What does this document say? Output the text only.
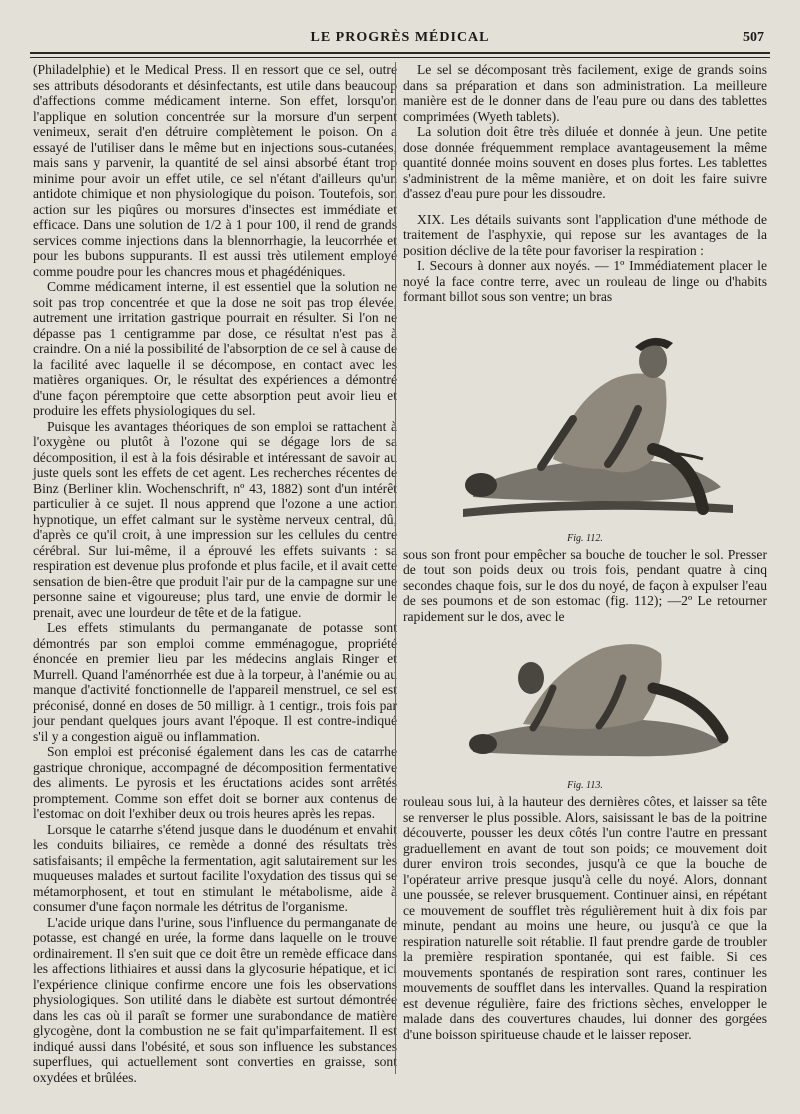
LE PROGRÈS MÉDICAL	507

(Philadelphie) et le Medical Press. Il en ressort que ce sel, outre ses attributs désodorants et désinfectants, est utile dans beaucoup d'affections comme médicament interne. Son effet, lorsqu'on l'applique en solution concentrée sur la morsure d'un serpent venimeux, serait d'en détruire complètement le poison. On a essayé de l'utiliser dans le même but en injections sous-cutanées, mais sans y parvenir, la quantité de sel ainsi absorbé étant trop minime pour avoir un effet utile, ce sel n'étant d'ailleurs qu'un antidote chimique et non physiologique du poison. Toutefois, son action sur les piqûres ou morsures d'insectes est immédiate et efficace. Dans une solution de 1/2 à 1 pour 100, il rend de grands services comme injections dans la blennorrhagie, la leucorrhée et pour les bubons suppurants. Il est aussi très utilement employé comme poudre pour les chancres mous et phagédéniques.

Comme médicament interne, il est essentiel que la solution ne soit pas trop concentrée et que la dose ne soit pas trop élevée, autrement une irritation gastrique pourrait en résulter. Si l'on ne dépasse pas 1 centigramme par dose, ce résultat n'est pas à craindre. On a nié la possibilité de l'absorption de ce sel à cause de la facilité avec laquelle il se décompose, en contact avec les matières organiques. Or, le résultat des expériences a démontré d'une façon péremptoire que cette absorption peut avoir lieu et produire les effets physiologiques du sel.

Puisque les avantages théoriques de son emploi se rattachent à l'oxygène ou plutôt à l'ozone qui se dégage lors de sa décomposition, il est à la fois désirable et intéressant de savoir au juste quels sont les effets de cet agent. Les recherches récentes de Binz (Berliner klin. Wochenschrift, nº 43, 1882) sont d'un intérêt particulier à ce sujet. Il nous apprend que l'ozone a une action hypnotique, un effet calmant sur le système nerveux central, dû, d'après ce qu'il croit, à une impression sur les cellules du centre cérébral. Sur lui-même, il a éprouvé les effets suivants : sa respiration est devenue plus profonde et plus facile, et il avait cette sensation de bien-être que produit l'air pur de la campagne sur une personne saine et vigoureuse; plus tard, une envie de dormir le prenait, avec une lourdeur de tête et de la fatigue.

Les effets stimulants du permanganate de potasse sont démontrés par son emploi comme emménagogue, propriété énoncée en premier lieu par les médecins anglais Ringer et Murrell. Quand l'aménorrhée est due à la torpeur, à l'anémie ou au manque d'activité fonctionnelle de l'appareil menstruel, ce sel est préconisé, donné en doses de 50 milligr. à 1 centigr., trois fois par jour pendant quelques jours avant l'époque. Il est contre-indiqué s'il y a congestion aiguë ou inflammation.

Son emploi est préconisé également dans les cas de catarrhe gastrique chronique, accompagné de décomposition fermentative des aliments. Le pyrosis et les éructations acides sont arrêtés promptement. Comme son effet doit se borner aux contenus de l'estomac on doit l'exhiber deux ou trois heures après les repas.

Lorsque le catarrhe s'étend jusque dans le duodénum et envahit les conduits biliaires, ce remède a donné des résultats très satisfaisants; il empêche la fermentation, agit salutairement sur les muqueuses malades et surtout facilite l'oxydation des tissus qui se métamorphosent, et tout en stimulant le métabolisme, aide à consumer d'une façon normale les détritus de l'organisme.

L'acide urique dans l'urine, sous l'influence du permanganate de potasse, est changé en urée, la forme dans laquelle on le trouve ordinairement. Il s'en suit que ce doit être un remède efficace dans les affections lithiaires et aussi dans la glycosurie hépatique, et ici l'expérience clinique confirme encore une fois les observations physiologiques. Son utilité dans le diabète est surtout démontrée dans les cas où il paraît se former une surabondance de matière glycogène, dont la combustion ne se fait qu'imparfaitement. Il est indiqué aussi dans l'obésité, et sous son influence les substances superflues, qui actuellement sont converties en graisse, sont oxydées et brûlées.

Le sel se décomposant très facilement, exige de grands soins dans sa préparation et dans son administration. La meilleure manière est de le donner dans de l'eau pure ou dans des tablettes comprimées (Wyeth tablets).

La solution doit être très diluée et donnée à jeun. Une petite dose donnée fréquemment remplace avantageusement la même quantité donnée moins souvent en doses plus fortes. Les tablettes s'administrent de la même manière, et on doit les faire suivre d'assez d'eau pure pour les dissoudre.

XIX. Les détails suivants sont l'application d'une méthode de traitement de l'asphyxie, qui repose sur les avantages de la position déclive de la tête pour favoriser la respiration :

I. Secours à donner aux noyés. — 1º Immédiatement placer le noyé la face contre terre, avec un rouleau de linge ou d'habits formant billot sous son ventre; un bras

Fig. 112.

sous son front pour empêcher sa bouche de toucher le sol. Presser de tout son poids deux ou trois fois, pendant quatre à cinq secondes chaque fois, sur le dos du noyé, de façon à expulser l'eau de ses poumons et de son estomac (fig. 112); —2º Le retourner rapidement sur le dos, avec le

Fig. 113.

rouleau sous lui, à la hauteur des dernières côtes, et laisser sa tête se renverser le plus possible. Alors, saisissant le bas de la poitrine découverte, pousser les deux côtés l'un contre l'autre en pressant graduellement en avant de tout son poids; ce mouvement doit durer environ trois secondes, jusqu'à ce que la bouche de l'opérateur arrive presque jusqu'à celle du noyé. Alors, donnant une poussée, se relever brusquement. Continuer ainsi, en répétant ce mouvement de soufflet très régulièrement huit à dix fois par minute, pendant au moins une heure, ou jusqu'à ce que la respiration naturelle soit rétablie. Il faut prendre garde de troubler la première respiration spontanée, qui est faible. Si ces mouvements spontanés de respiration sont rares, continuer les mouvements de soufflet dans les intervalles. Quand la respiration est devenue régulière, faire des frictions sèches, envelopper le malade dans des couvertures chaudes, lui donner des gorgées d'une boisson spiritueuse chaude et le laisser reposer.
